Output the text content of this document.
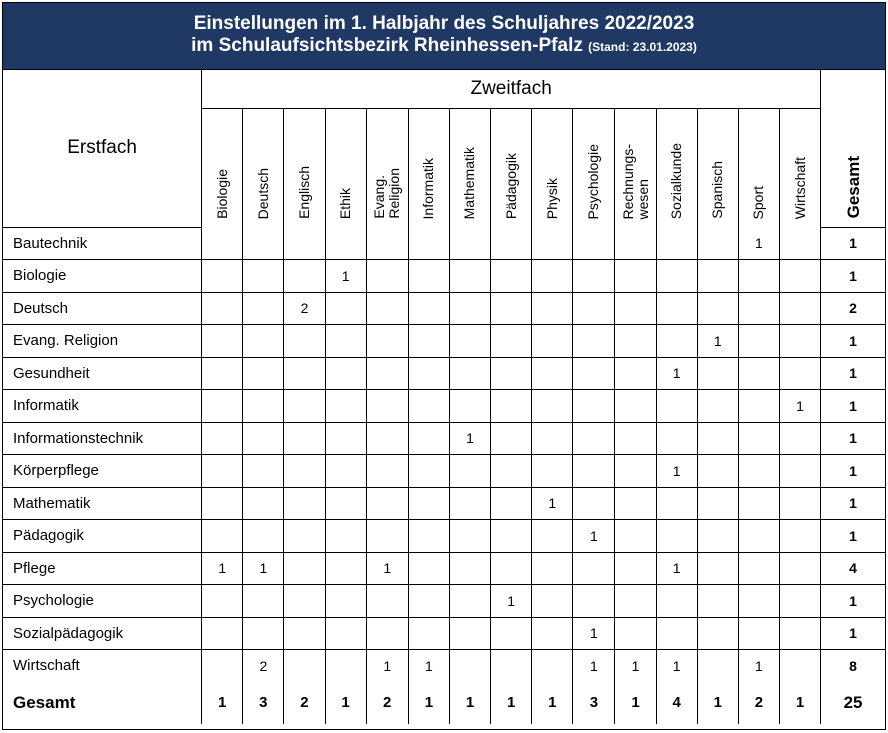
Einstellungen im 1. Halbjahr des Schuljahres 2022/2023
im Schulaufsichtsbezirk Rheinhessen-Pfalz (Stand: 23.01.2023)
Erstfach	Zweitfach															Gesamt

	Biologie	Deutsch	Englisch	Ethik	Evang.
Religion	Informatik	Mathematik	Pädagogik	Physik	Psychologie	Rechnungs-
wesen	Sozialkunde	Spanisch	Sport	Wirtschaft	

Bautechnik														1		1
Biologie				1												1
Deutsch			2													2
Evang. Religion													1			1
Gesundheit												1				1
Informatik															1	1
Informationstechnik							1									1
Körperpflege												1				1
Mathematik									1							1
Pädagogik										1						1
Pflege	1	1			1							1				4
Psychologie								1								1
Sozialpädagogik										1						1
Wirtschaft		2			1	1				1	1	1		1		8
Gesamt	1	3	2	1	2	1	1	1	1	3	1	4	1	2	1	25
